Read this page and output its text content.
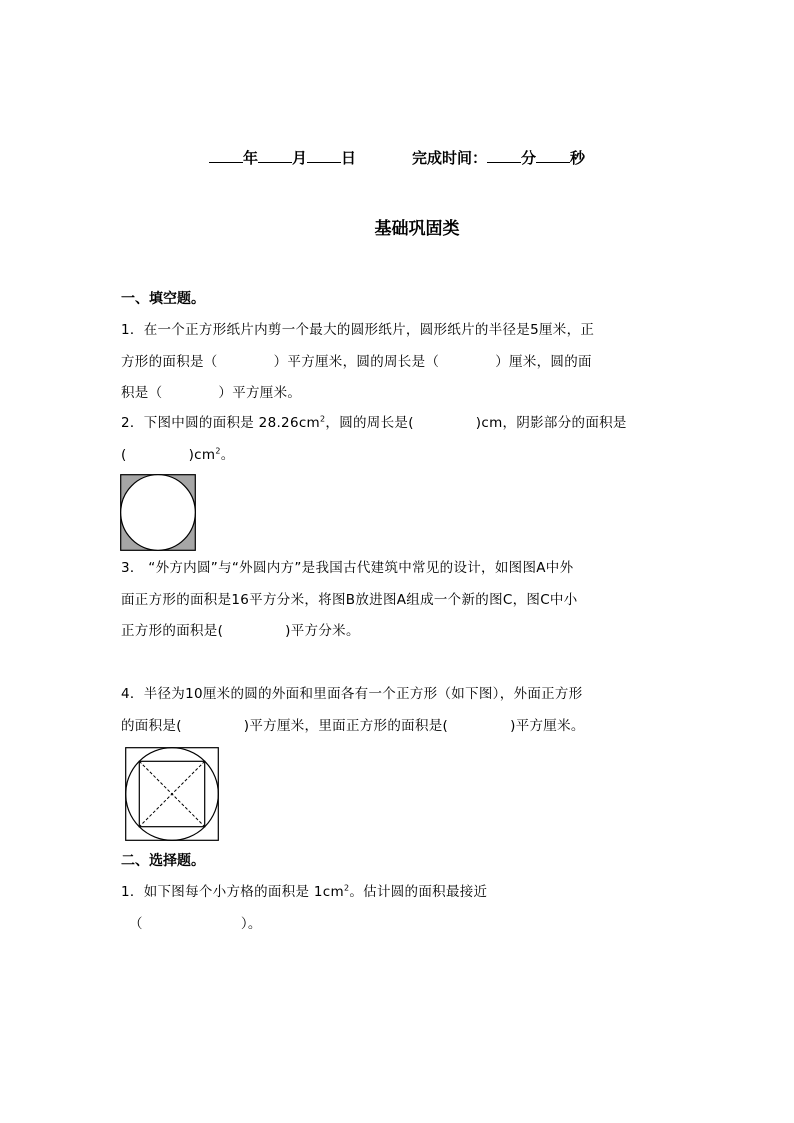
年 月 日	完成时间： 分 秒
基础巩固类
一、填空题。
1．在一个正方形纸片内剪一个最大的圆形纸片，圆形纸片的半径是5厘米，正
方形的面积是（	）平方厘米，圆的周长是（	）厘米，圆的面
积是（	）平方厘米。
2．下图中圆的面积是 $28.26cm^2$，圆的周长是(	)cm，阴影部分的面积是
(	)$cm^2$。
3． “外方内圆”与“外圆内方”是我国古代建筑中常见的设计，如图图A中外
面正方形的面积是16平方分米，将图B放进图A组成一个新的图C，图C中小
正方形的面积是(	)平方分米。
4．半径为10厘米的圆的外面和里面各有一个正方形（如下图），外面正方形
的面积是(	)平方厘米，里面正方形的面积是(	)平方厘米。
二、选择题。
1．如下图每个小方格的面积是 $1cm^2$。估计圆的面积最接近
（	）。
